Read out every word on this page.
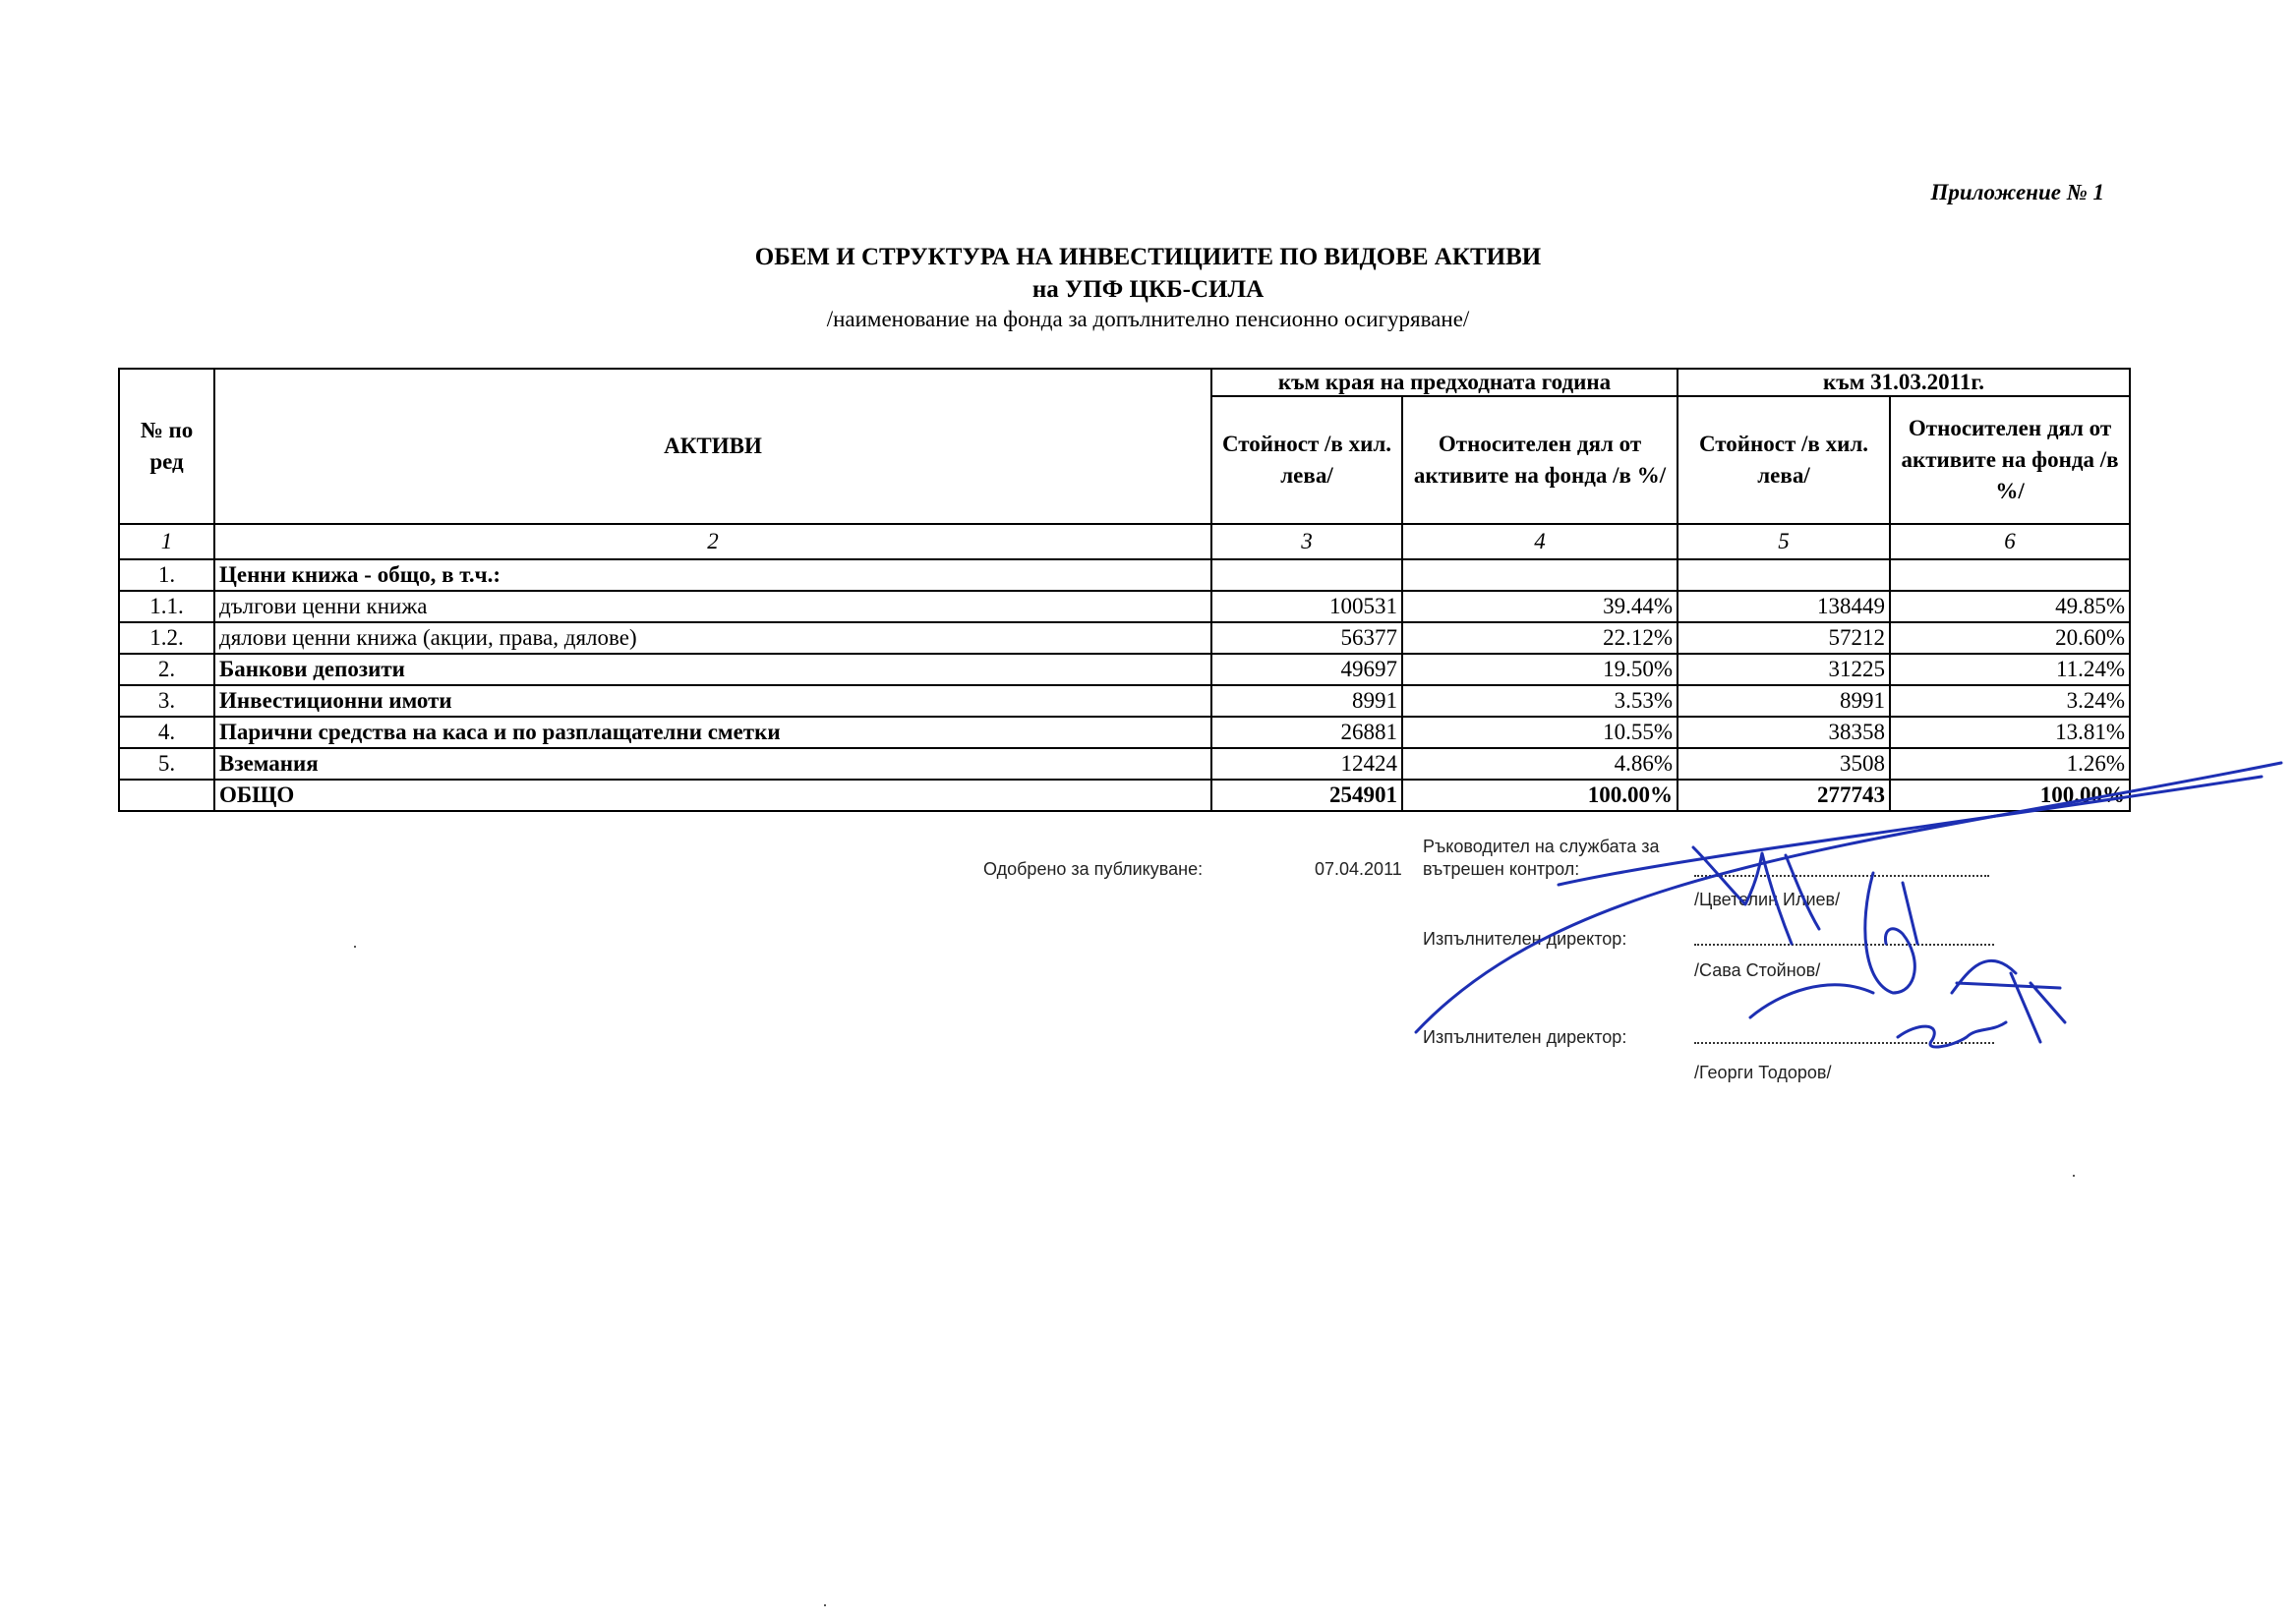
Приложение № 1
ОБЕМ И СТРУКТУРА НА ИНВЕСТИЦИИТЕ ПО ВИДОВЕ АКТИВИ
на УПФ ЦКБ-СИЛА
/наименование на фонда за допълнително пенсионно осигуряване/
№ по ред	АКТИВИ	към края на предходната година		към 31.03.2011г.	
		Стойност /в хил. лева/	Относителен дял от активите на фонда /в %/	Стойност /в хил. лева/	Относителен дял от активите на фонда /в %/
1	2	3	4	5	6
1.	Ценни книжа - общо, в т.ч.:				
1.1.	дългови ценни книжа	100531	39.44%	138449	49.85%
1.2.	дялови ценни книжа (акции, права, дялове)	56377	22.12%	57212	20.60%
2.	Банкови депозити	49697	19.50%	31225	11.24%
3.	Инвестиционни имоти	8991	3.53%	8991	3.24%
4.	Парични средства на каса и по разплащателни сметки	26881	10.55%	38358	13.81%
5.	Вземания	12424	4.86%	3508	1.26%
	ОБЩО	254901	100.00%	277743	100.00%
Одобрено за публикуване:	07.04.2011
Ръководител на службата за
вътрешен контрол:
/Цветелин Илиев/
Изпълнителен директор:
/Сава Стойнов/
Изпълнителен директор:
/Георги Тодоров/
